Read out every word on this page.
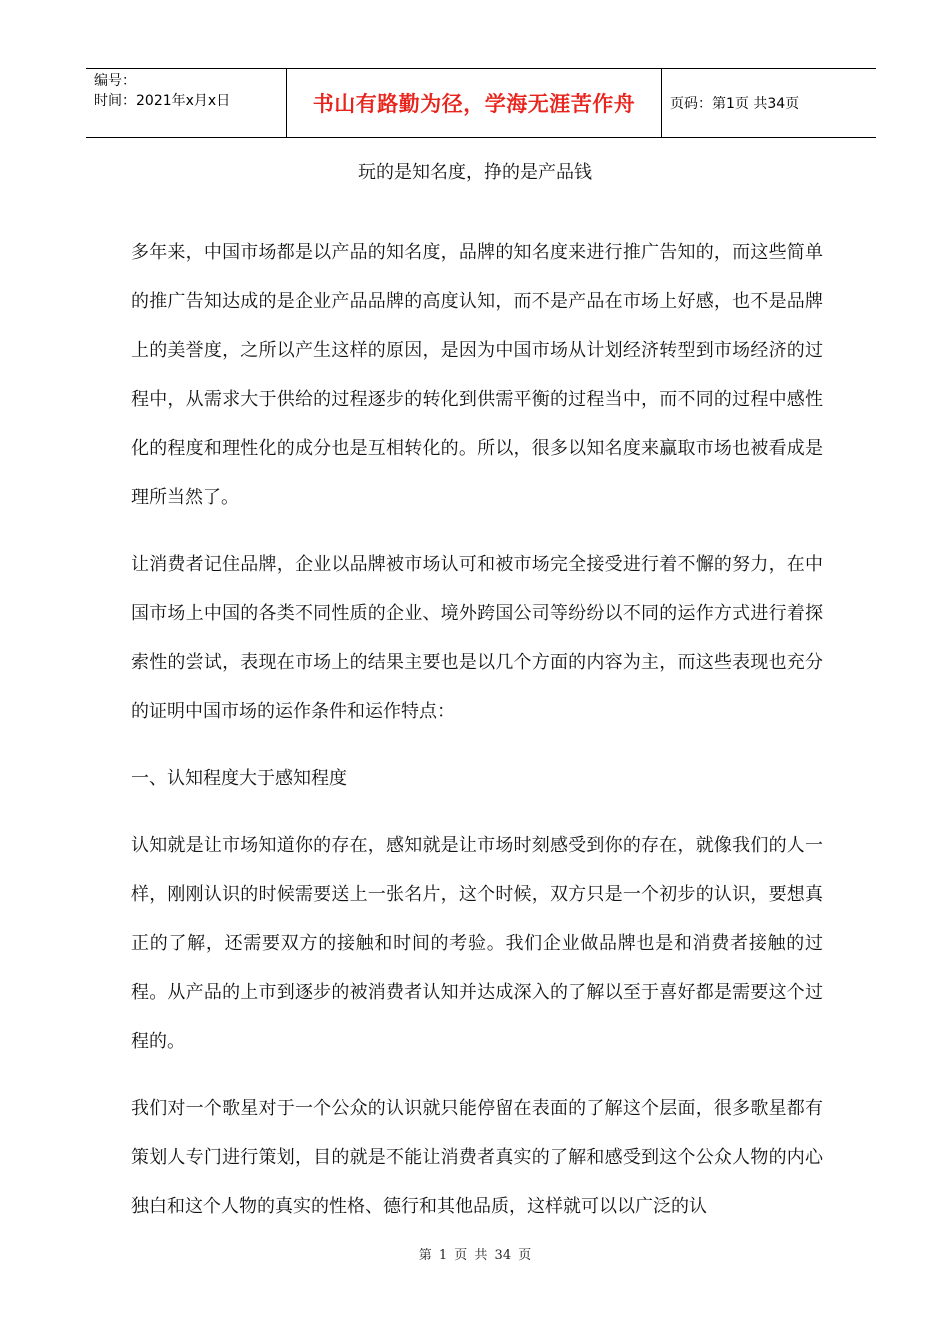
编号：
时间：2021年x月x日	书山有路勤为径，学海无涯苦作舟	页码：第1页 共34页
玩的是知名度，挣的是产品钱

多年来，中国市场都是以产品的知名度，品牌的知名度来进行推广告知的，而这些简单的推广告知达成的是企业产品品牌的高度认知，而不是产品在市场上好感，也不是品牌上的美誉度，之所以产生这样的原因，是因为中国市场从计划经济转型到市场经济的过程中，从需求大于供给的过程逐步的转化到供需平衡的过程当中，而不同的过程中感性化的程度和理性化的成分也是互相转化的。所以，很多以知名度来赢取市场也被看成是理所当然了。

让消费者记住品牌，企业以品牌被市场认可和被市场完全接受进行着不懈的努力，在中国市场上中国的各类不同性质的企业、境外跨国公司等纷纷以不同的运作方式进行着探索性的尝试，表现在市场上的结果主要也是以几个方面的内容为主，而这些表现也充分的证明中国市场的运作条件和运作特点：

一、认知程度大于感知程度

认知就是让市场知道你的存在，感知就是让市场时刻感受到你的存在，就像我们的人一样，刚刚认识的时候需要送上一张名片，这个时候，双方只是一个初步的认识，要想真正的了解，还需要双方的接触和时间的考验。我们企业做品牌也是和消费者接触的过程。从产品的上市到逐步的被消费者认知并达成深入的了解以至于喜好都是需要这个过程的。

我们对一个歌星对于一个公众的认识就只能停留在表面的了解这个层面，很多歌星都有策划人专门进行策划，目的就是不能让消费者真实的了解和感受到这个公众人物的内心独白和这个人物的真实的性格、德行和其他品质，这样就可以以广泛的认

第 1 页 共 34 页
